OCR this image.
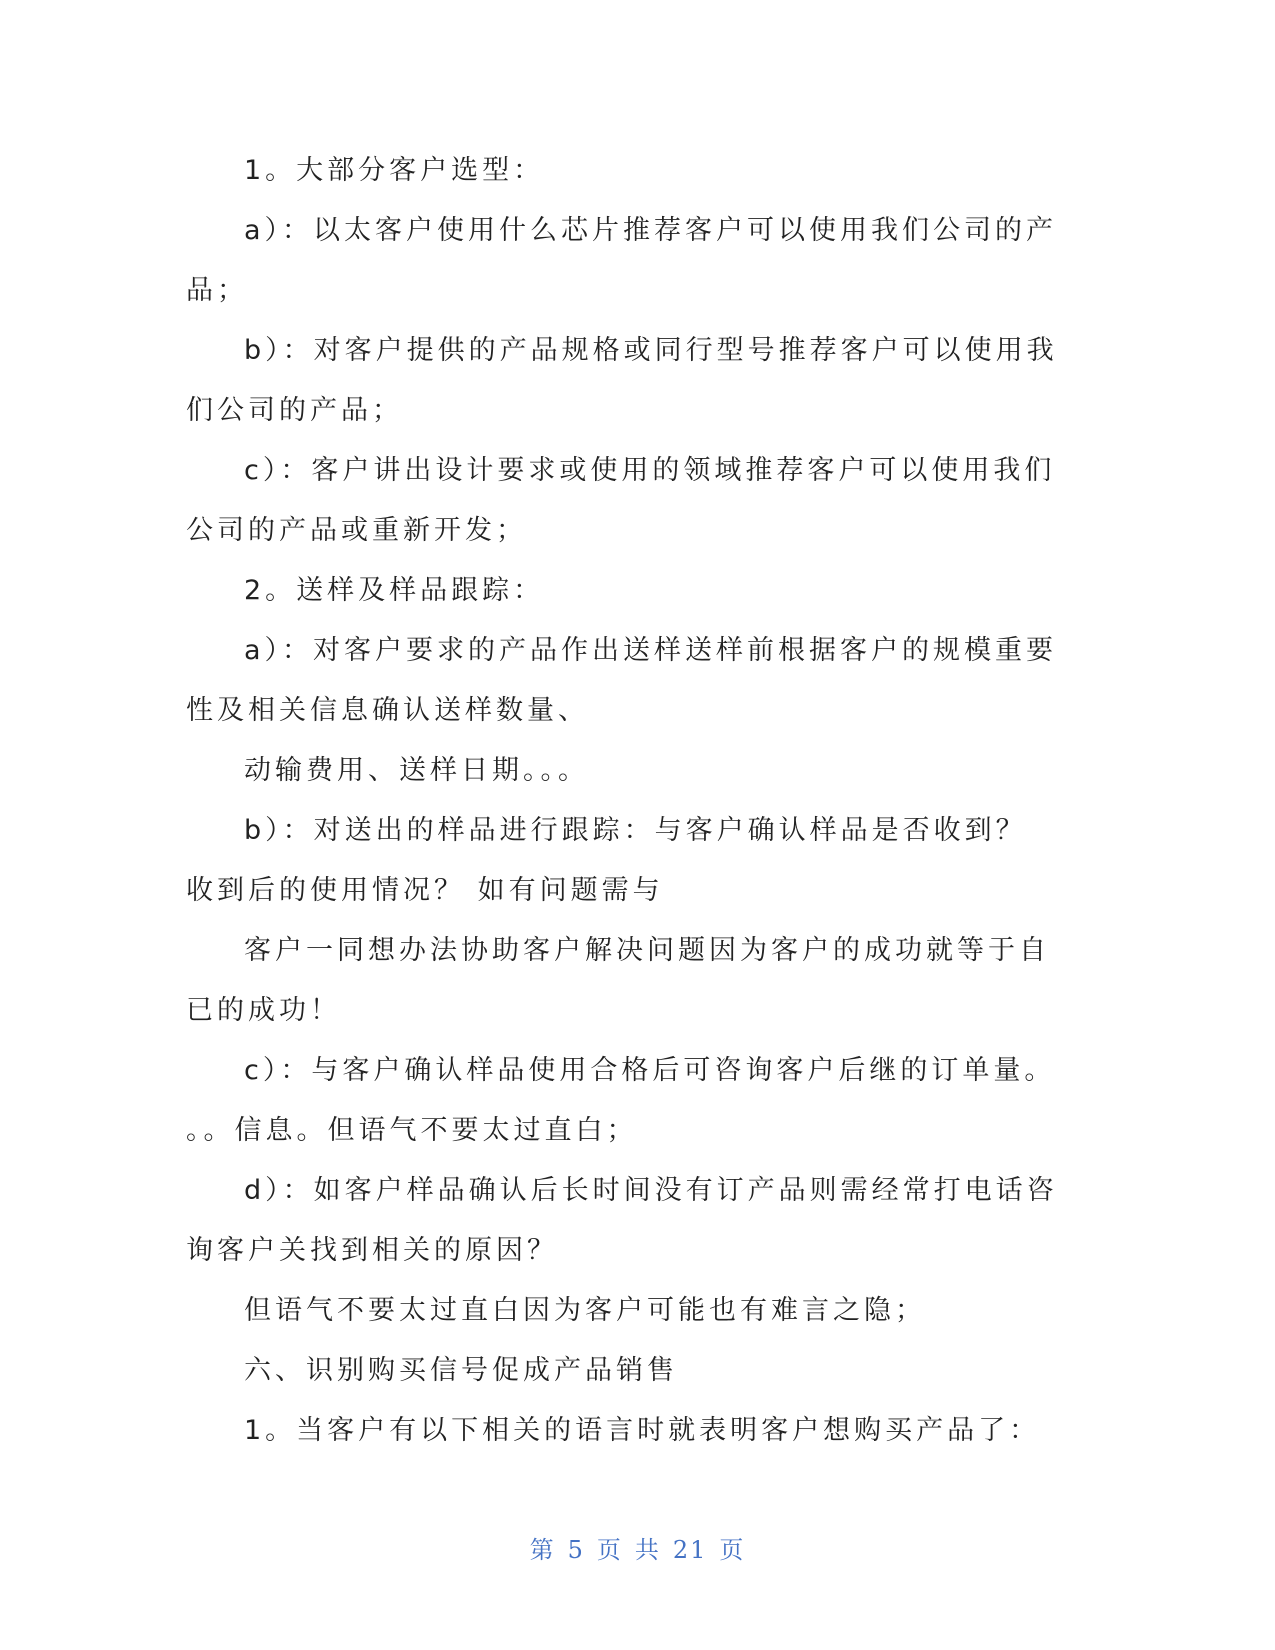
1。大部分客户选型：
a）：以太客户使用什么芯片推荐客户可以使用我们公司的产
品；
b）：对客户提供的产品规格或同行型号推荐客户可以使用我
们公司的产品；
c）：客户讲出设计要求或使用的领域推荐客户可以使用我们
公司的产品或重新开发；
2。送样及样品跟踪：
a）：对客户要求的产品作出送样送样前根据客户的规模重要
性及相关信息确认送样数量、
动输费用、送样日期。。。
b）：对送出的样品进行跟踪：与客户确认样品是否收到？
收到后的使用情况？ 如有问题需与
客户一同想办法协助客户解决问题因为客户的成功就等于自
已的成功！
c）：与客户确认样品使用合格后可咨询客户后继的订单量。
。。信息。但语气不要太过直白；
d）：如客户样品确认后长时间没有订产品则需经常打电话咨
询客户关找到相关的原因？
但语气不要太过直白因为客户可能也有难言之隐；
六、识别购买信号促成产品销售
1。当客户有以下相关的语言时就表明客户想购买产品了：
第 5 页 共 21 页
